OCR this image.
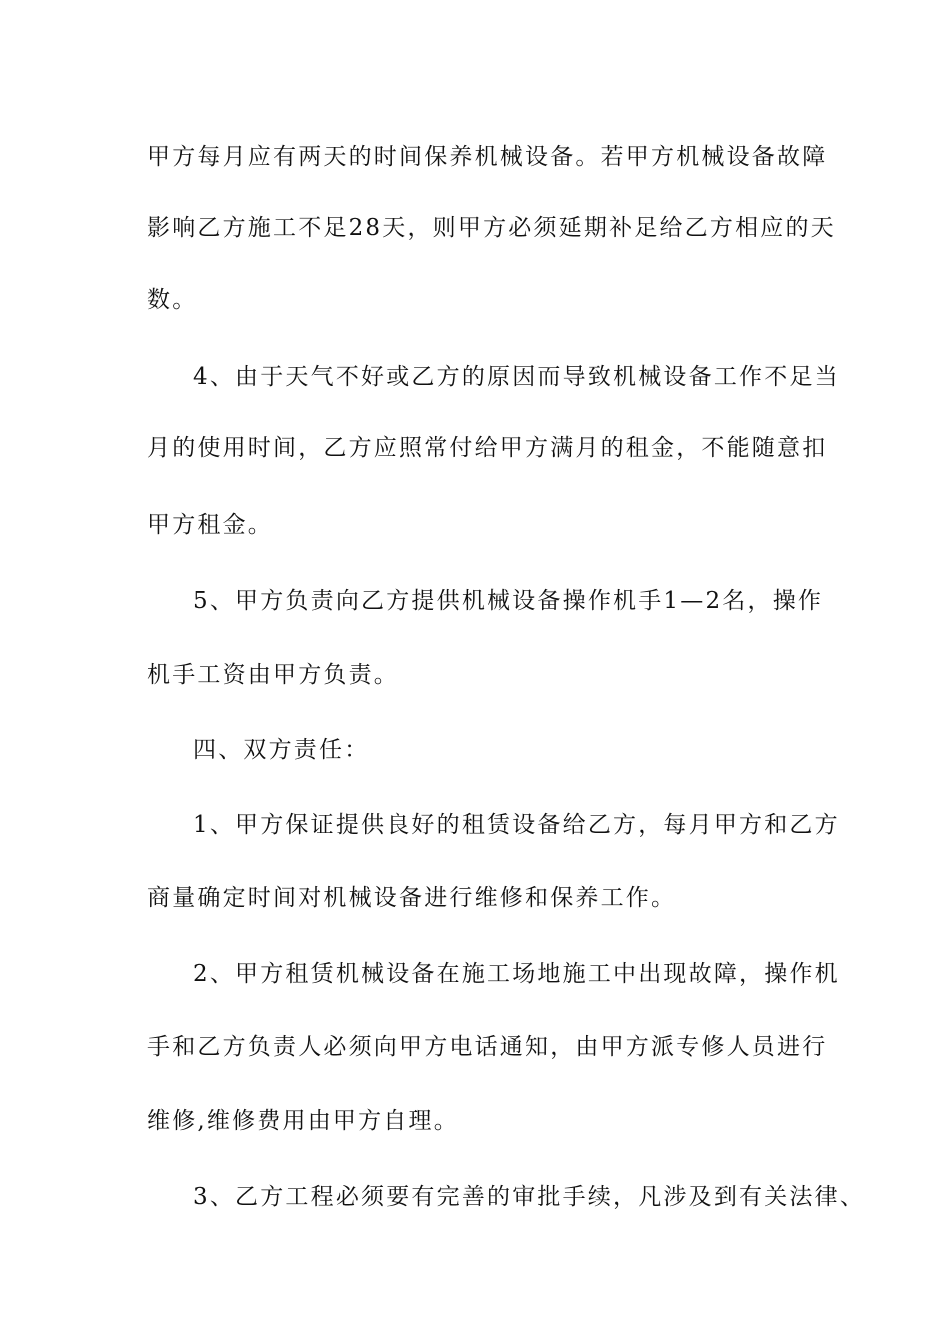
甲方每月应有两天的时间保养机械设备。若甲方机械设备故障
影响乙方施工不足28天，则甲方必须延期补足给乙方相应的天
数。
4、由于天气不好或乙方的原因而导致机械设备工作不足当
月的使用时间，乙方应照常付给甲方满月的租金，不能随意扣
甲方租金。
5、甲方负责向乙方提供机械设备操作机手1—2名，操作
机手工资由甲方负责。
四、双方责任：
1、甲方保证提供良好的租赁设备给乙方，每月甲方和乙方
商量确定时间对机械设备进行维修和保养工作。
2、甲方租赁机械设备在施工场地施工中出现故障，操作机
手和乙方负责人必须向甲方电话通知，由甲方派专修人员进行
维修,维修费用由甲方自理。
3、乙方工程必须要有完善的审批手续，凡涉及到有关法律、
